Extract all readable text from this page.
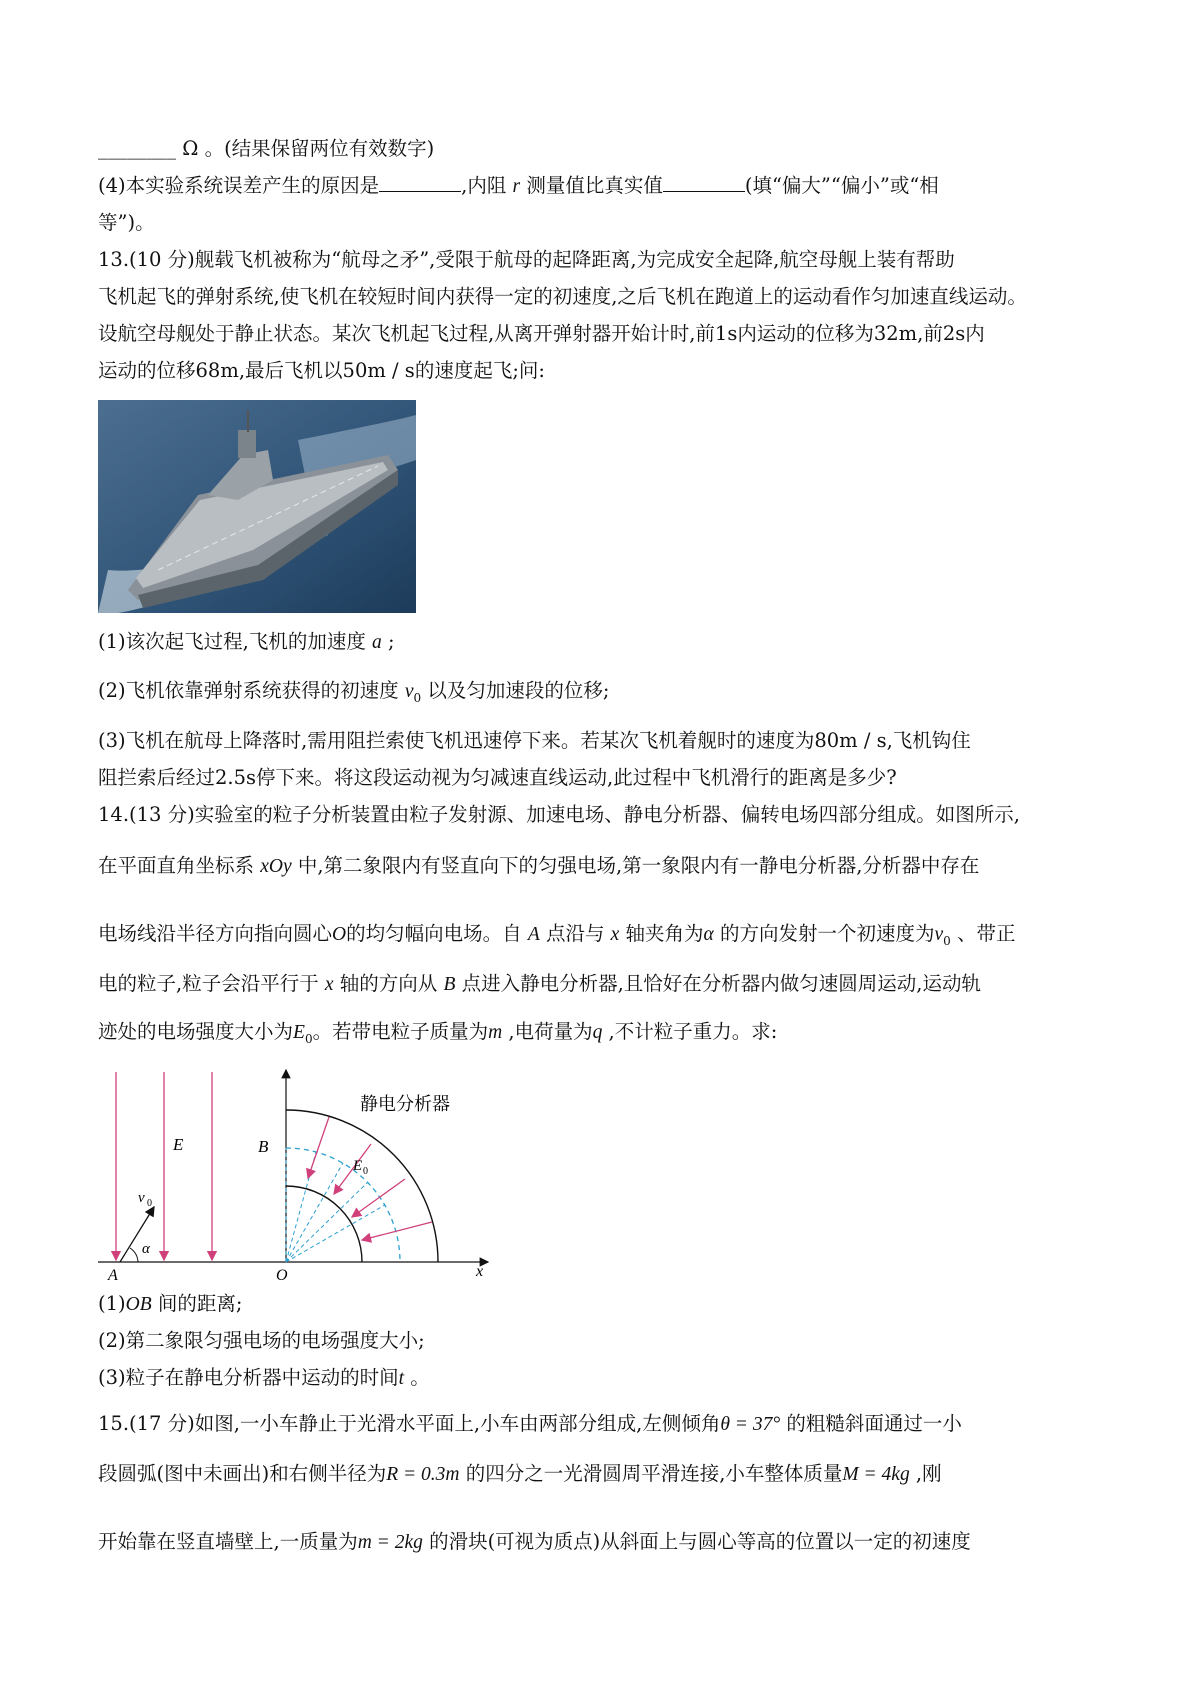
________ Ω 。(结果保留两位有效数字)
(4)本实验系统误差产生的原因是	,内阻 r 测量值比真实值	(填“偏大”“偏小”或“相
等”)。
13.(10 分)舰载飞机被称为“航母之矛”,受限于航母的起降距离,为完成安全起降,航空母舰上装有帮助
飞机起飞的弹射系统,使飞机在较短时间内获得一定的初速度,之后飞机在跑道上的运动看作匀加速直线运动。
设航空母舰处于静止状态。某次飞机起飞过程,从离开弹射器开始计时,前1s内运动的位移为32m,前2s内
运动的位移68m,最后飞机以50m / s的速度起飞;问:
(1)该次起飞过程,飞机的加速度 a ;
(2)飞机依靠弹射系统获得的初速度 $v_0$ 以及匀加速段的位移;
(3)飞机在航母上降落时,需用阻拦索使飞机迅速停下来。若某次飞机着舰时的速度为80m / s,飞机钩住
阻拦索后经过2.5s停下来。将这段运动视为匀减速直线运动,此过程中飞机滑行的距离是多少?
14.(13 分)实验室的粒子分析装置由粒子发射源、加速电场、静电分析器、偏转电场四部分组成。如图所示,
在平面直角坐标系 xOy 中,第二象限内有竖直向下的匀强电场,第一象限内有一静电分析器,分析器中存在
电场线沿半径方向指向圆心O的均匀幅向电场。自 A 点沿与 x 轴夹角为α 的方向发射一个初速度为$v_0$ 、带正
电的粒子,粒子会沿平行于 x 轴的方向从 B 点进入静电分析器,且恰好在分析器内做匀速圆周运动,运动轨
迹处的电场强度大小为$E_0$。若带电粒子质量为m ,电荷量为q ,不计粒子重力。求:
E
v 0
α
A	O	x
B
E 0
静电分析器
(1)OB 间的距离;
(2)第二象限匀强电场的电场强度大小;
(3)粒子在静电分析器中运动的时间t 。
15.(17 分)如图,一小车静止于光滑水平面上,小车由两部分组成,左侧倾角θ = 37° 的粗糙斜面通过一小
段圆弧(图中未画出)和右侧半径为R = 0.3m 的四分之一光滑圆周平滑连接,小车整体质量M = 4kg ,刚
开始靠在竖直墙壁上,一质量为m = 2kg 的滑块(可视为质点)从斜面上与圆心等高的位置以一定的初速度
